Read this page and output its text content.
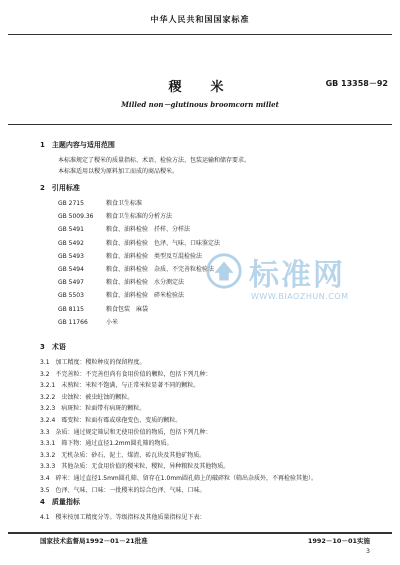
中华人民共和国国家标准
稷　米	GB 13358－92
Milled non－glutinous broomcorn millet
1　主题内容与适用范围
本标准规定了稷米的质量指标、术语、检验方法、包装运输和储存要求。
本标准适用以稷为原料加工而成的商品稷米。
2　引用标准
GB 2715	粮食卫生标准
GB 5009.36 粮食卫生标准的分析方法
GB 5491	粮食、油料检验　扦样、分样法
GB 5492	粮食、油料检验　色泽、气味、口味鉴定法
GB 5493	粮食、油料检验　类型及互混检验法
GB 5494	粮食、油料检验　杂质、不完善粒检验法
GB 5497	粮食、油料检验　水分测定法
GB 5503	粮食、油料检验　碎米检验法
GB 8115	粮食包装　麻袋
GB 11766	小米
3　术语
3.1　加工精度：稷粒种皮的保留程度。
3.2　不完善粒：不完善但尚有食用价值的颗粒，包括下列几种：
3.2.1　未熟粒：米粒不饱满，与正常米粒显著不同的颗粒。
3.2.2　虫蚀粒：被虫蛀蚀的颗粒。
3.2.3　病斑粒：粒面带有病斑的颗粒。
3.2.4　霉变粒：粒面有霉或球孢变色、变质的颗粒。
3.3　杂质：通过规定筛层和无使用价值的物质，包括下列几种：
3.3.1　筛下物：通过直径1.2mm圆孔筛的物质。
3.3.2　无机杂质：砂石、泥土、煤渣、砖瓦块及其他矿物质。
3.3.3　其他杂质：无食用价值的稷米粒、稷粒，异种粮粒及其他物质。
3.4　碎米：通过直径1.5mm圆孔筛、留存在1.0mm圆孔筛上的破碎粒（筛出杂质外，不再检验其他）。
3.5　色泽、气味、口味：一批稷米的综合色泽、气味、口味。
4　质量指标
4.1　稷米按加工精度分等。等级指标及其他质量指标见下表：
标准网
WWW.BIAOZHUN.COM
国家技术监督局1992－01－21批准	1992－10－01实施
3
